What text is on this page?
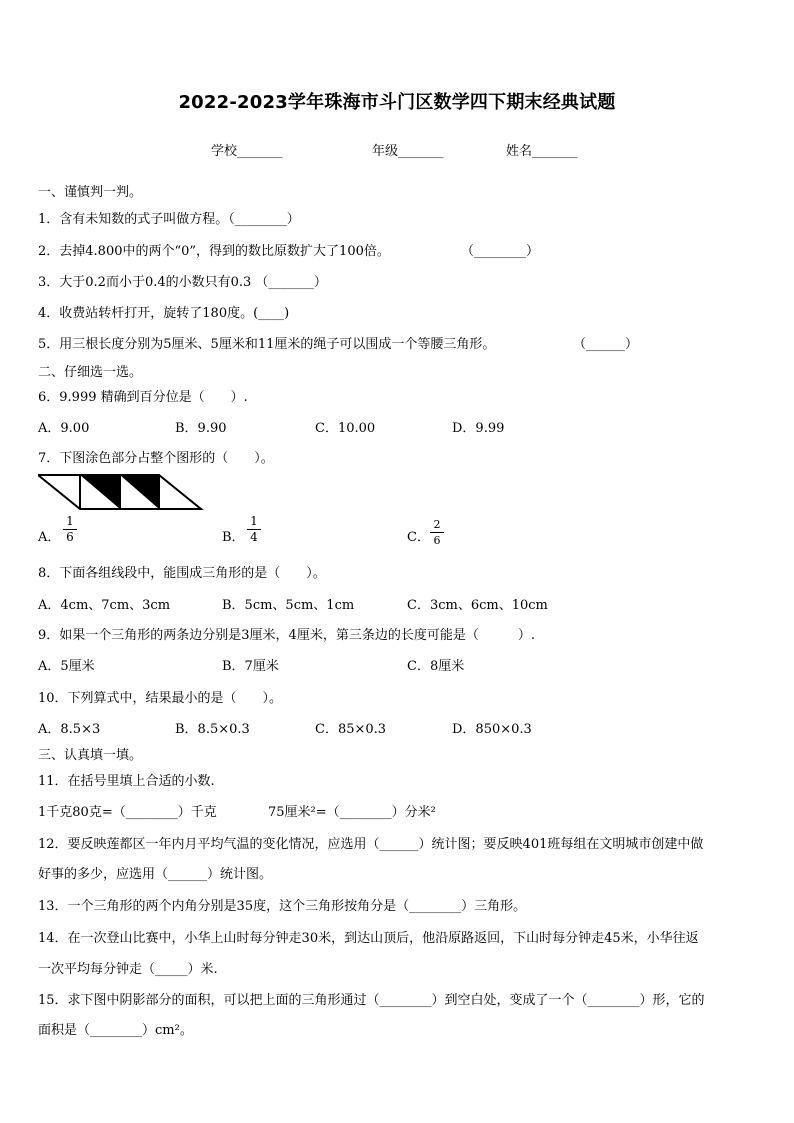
2022-2023学年珠海市斗门区数学四下期末经典试题
学校_______	年级_______	姓名_______
一、谨慎判一判。
1．含有未知数的式子叫做方程。（________）
2．去掉4.800中的两个“0”，得到的数比原数扩大了100倍。	（________）
3．大于0.2而小于0.4的小数只有0.3 （_______）
4．收费站转杆打开，旋转了180度。(____)
5．用三根长度分别为5厘米、5厘米和11厘米的绳子可以围成一个等腰三角形。	（______）
二、仔细选一选。
6．9.999 精确到百分位是（　　）.
A．9.00	B．9.90	C．10.00	D．9.99
7．下图涂色部分占整个图形的（　　）。
A． $\frac{1}{6}$	B． $\frac{1}{4}$	C． $\frac{2}{6}$
8．下面各组线段中，能围成三角形的是（　　）。
A．4cm、7cm、3cm	B．5cm、5cm、1cm	C．3cm、6cm、10cm
9．如果一个三角形的两条边分别是3厘米，4厘米，第三条边的长度可能是（　　　）.
A．5厘米	B．7厘米	C．8厘米
10．下列算式中，结果最小的是（　　）。
A．8.5×3	B．8.5×0.3	C．85×0.3	D．850×0.3
三、认真填一填。
11．在括号里填上合适的小数.
1千克80克=（________）千克	75厘米²=（________）分米²
12．要反映莲都区一年内月平均气温的变化情况，应选用（______）统计图；要反映401班每组在文明城市创建中做
好事的多少，应选用（______）统计图。
13．一个三角形的两个内角分别是35度，这个三角形按角分是（________）三角形。
14．在一次登山比赛中，小华上山时每分钟走30米，到达山顶后，他沿原路返回，下山时每分钟走45米，小华往返
一次平均每分钟走（_____）米.
15．求下图中阴影部分的面积，可以把上面的三角形通过（________）到空白处，变成了一个（________）形，它的
面积是（________）cm²。
